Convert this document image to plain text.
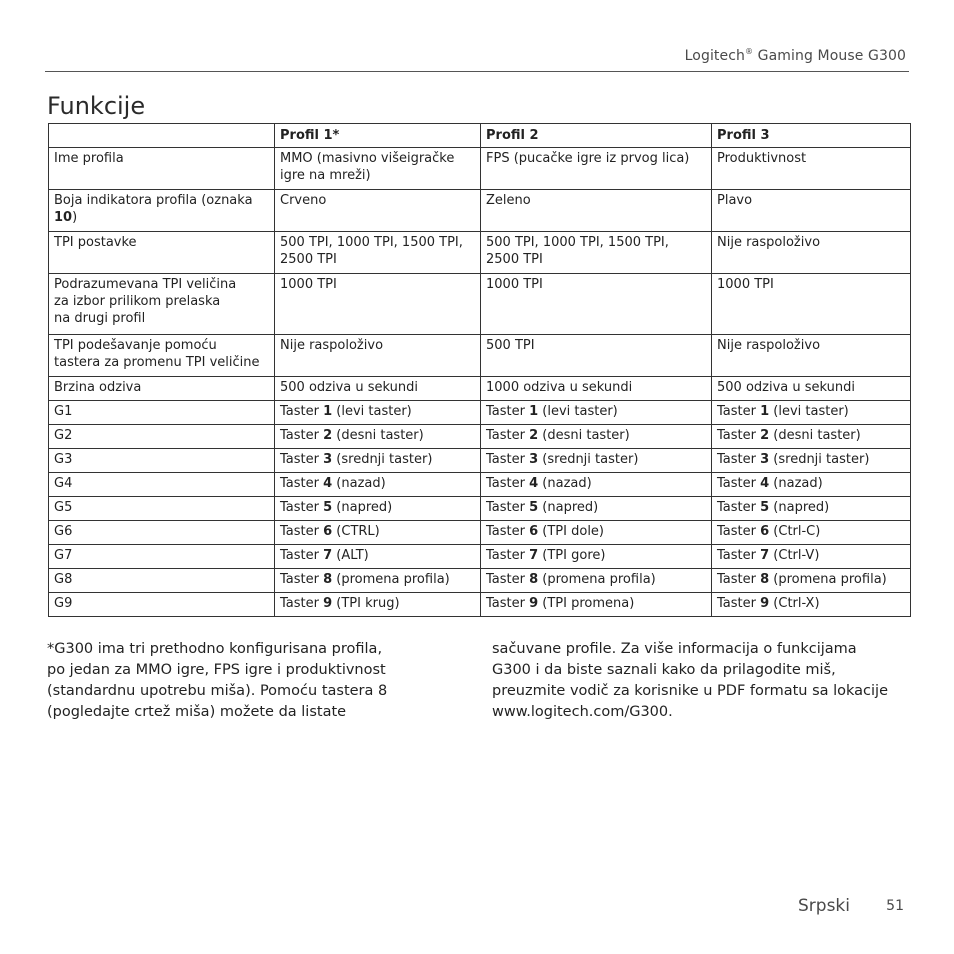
Logitech® Gaming Mouse G300
Funkcije
	Profil 1*	Profil 2	Profil 3
Ime profila	MMO (masivno višeigračke igre na mreži)	FPS (pucačke igre iz prvog lica)	Produktivnost
Boja indikatora profila (oznaka 10)	Crveno	Zeleno	Plavo
TPI postavke	500 TPI, 1000 TPI, 1500 TPI, 2500 TPI	500 TPI, 1000 TPI, 1500 TPI, 2500 TPI	Nije raspoloživo

Podrazumevana TPI veličina
za izbor prilikom prelaska
na drugi profil	1000 TPI	1000 TPI	1000 TPI

TPI podešavanje pomoću
tastera za promenu TPI veličine	Nije raspoloživo	500 TPI	Nije raspoloživo
Brzina odziva	500 odziva u sekundi	1000 odziva u sekundi	500 odziva u sekundi
G1	Taster 1 (levi taster)	Taster 1 (levi taster)	Taster 1 (levi taster)
G2	Taster 2 (desni taster)	Taster 2 (desni taster)	Taster 2 (desni taster)
G3	Taster 3 (srednji taster)	Taster 3 (srednji taster)	Taster 3 (srednji taster)
G4	Taster 4 (nazad)	Taster 4 (nazad)	Taster 4 (nazad)
G5	Taster 5 (napred)	Taster 5 (napred)	Taster 5 (napred)
G6	Taster 6 (CTRL)	Taster 6 (TPI dole)	Taster 6 (Ctrl-C)
G7	Taster 7 (ALT)	Taster 7 (TPI gore)	Taster 7 (Ctrl-V)
G8	Taster 8 (promena profila)	Taster 8 (promena profila)	Taster 8 (promena profila)
G9	Taster 9 (TPI krug)	Taster 9 (TPI promena)	Taster 9 (Ctrl-X)
*G300 ima tri prethodno konfigurisana profila,
po jedan za MMO igre, FPS igre i produktivnost
(standardnu upotrebu miša). Pomoću tastera 8
(pogledajte crtež miša) možete da listate
sačuvane profile. Za više informacija o funkcijama
G300 i da biste saznali kako da prilagodite miš,
preuzmite vodič za korisnike u PDF formatu sa lokacije
www.logitech.com/G300.
Srpski	51
